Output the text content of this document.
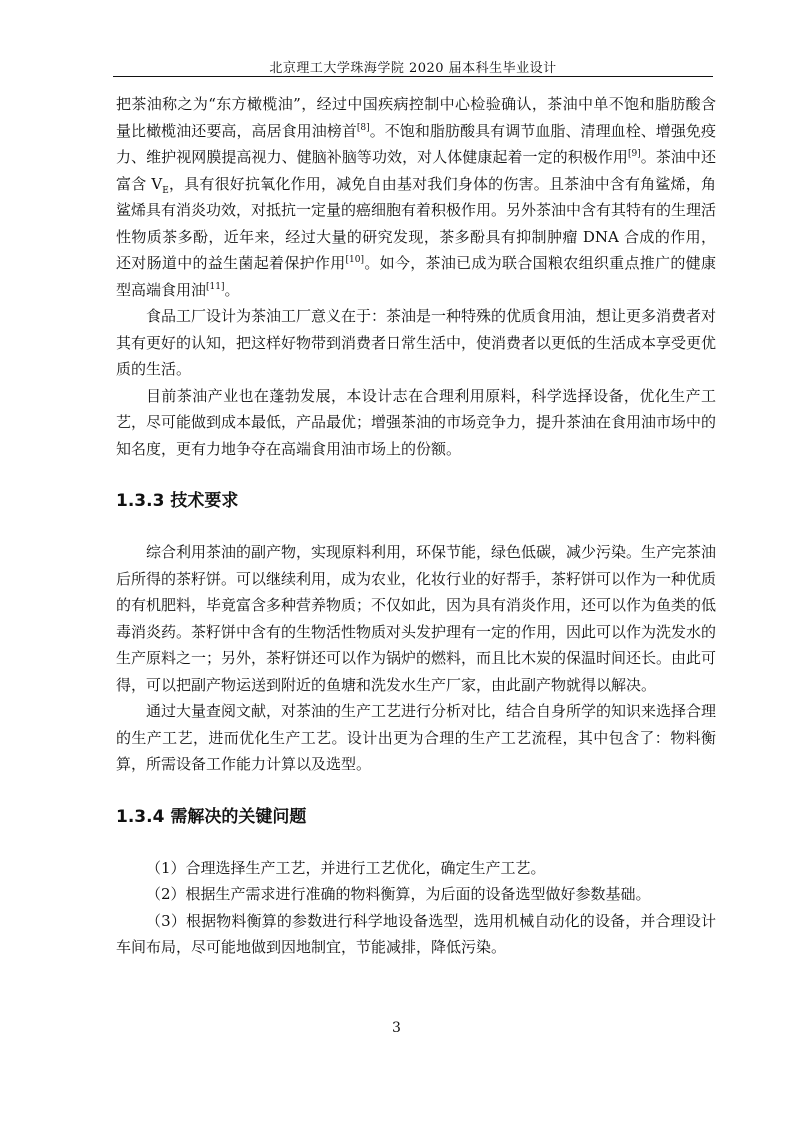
北京理工大学珠海学院 2020 届本科生毕业设计

把茶油称之为“东方橄榄油”，经过中国疾病控制中心检验确认，茶油中单不饱和脂肪酸含量比橄榄油还要高，高居食用油榜首[8]。不饱和脂肪酸具有调节血脂、清理血栓、增强免疫力、维护视网膜提高视力、健脑补脑等功效，对人体健康起着一定的积极作用[9]。茶油中还富含 $V_E$，具有很好抗氧化作用，减免自由基对我们身体的伤害。且茶油中含有角鲨烯，角鲨烯具有消炎功效，对抵抗一定量的癌细胞有着积极作用。另外茶油中含有其特有的生理活性物质茶多酚，近年来，经过大量的研究发现，茶多酚具有抑制肿瘤 DNA 合成的作用，还对肠道中的益生菌起着保护作用[10]。如今，茶油已成为联合国粮农组织重点推广的健康型高端食用油[11]。

食品工厂设计为茶油工厂意义在于：茶油是一种特殊的优质食用油，想让更多消费者对其有更好的认知，把这样好物带到消费者日常生活中，使消费者以更低的生活成本享受更优质的生活。

目前茶油产业也在蓬勃发展，本设计志在合理利用原料，科学选择设备，优化生产工艺，尽可能做到成本最低，产品最优；增强茶油的市场竞争力，提升茶油在食用油市场中的知名度，更有力地争夺在高端食用油市场上的份额。

1.3.3 技术要求

综合利用茶油的副产物，实现原料利用，环保节能，绿色低碳，减少污染。生产完茶油后所得的茶籽饼。可以继续利用，成为农业，化妆行业的好帮手，茶籽饼可以作为一种优质的有机肥料，毕竟富含多种营养物质；不仅如此，因为具有消炎作用，还可以作为鱼类的低毒消炎药。茶籽饼中含有的生物活性物质对头发护理有一定的作用，因此可以作为洗发水的生产原料之一；另外，茶籽饼还可以作为锅炉的燃料，而且比木炭的保温时间还长。由此可得，可以把副产物运送到附近的鱼塘和洗发水生产厂家，由此副产物就得以解决。

通过大量查阅文献，对茶油的生产工艺进行分析对比，结合自身所学的知识来选择合理的生产工艺，进而优化生产工艺。设计出更为合理的生产工艺流程，其中包含了：物料衡算，所需设备工作能力计算以及选型。

1.3.4 需解决的关键问题

（1）合理选择生产工艺，并进行工艺优化，确定生产工艺。

（2）根据生产需求进行准确的物料衡算，为后面的设备选型做好参数基础。

（3）根据物料衡算的参数进行科学地设备选型，选用机械自动化的设备，并合理设计车间布局，尽可能地做到因地制宜，节能减排，降低污染。

3
